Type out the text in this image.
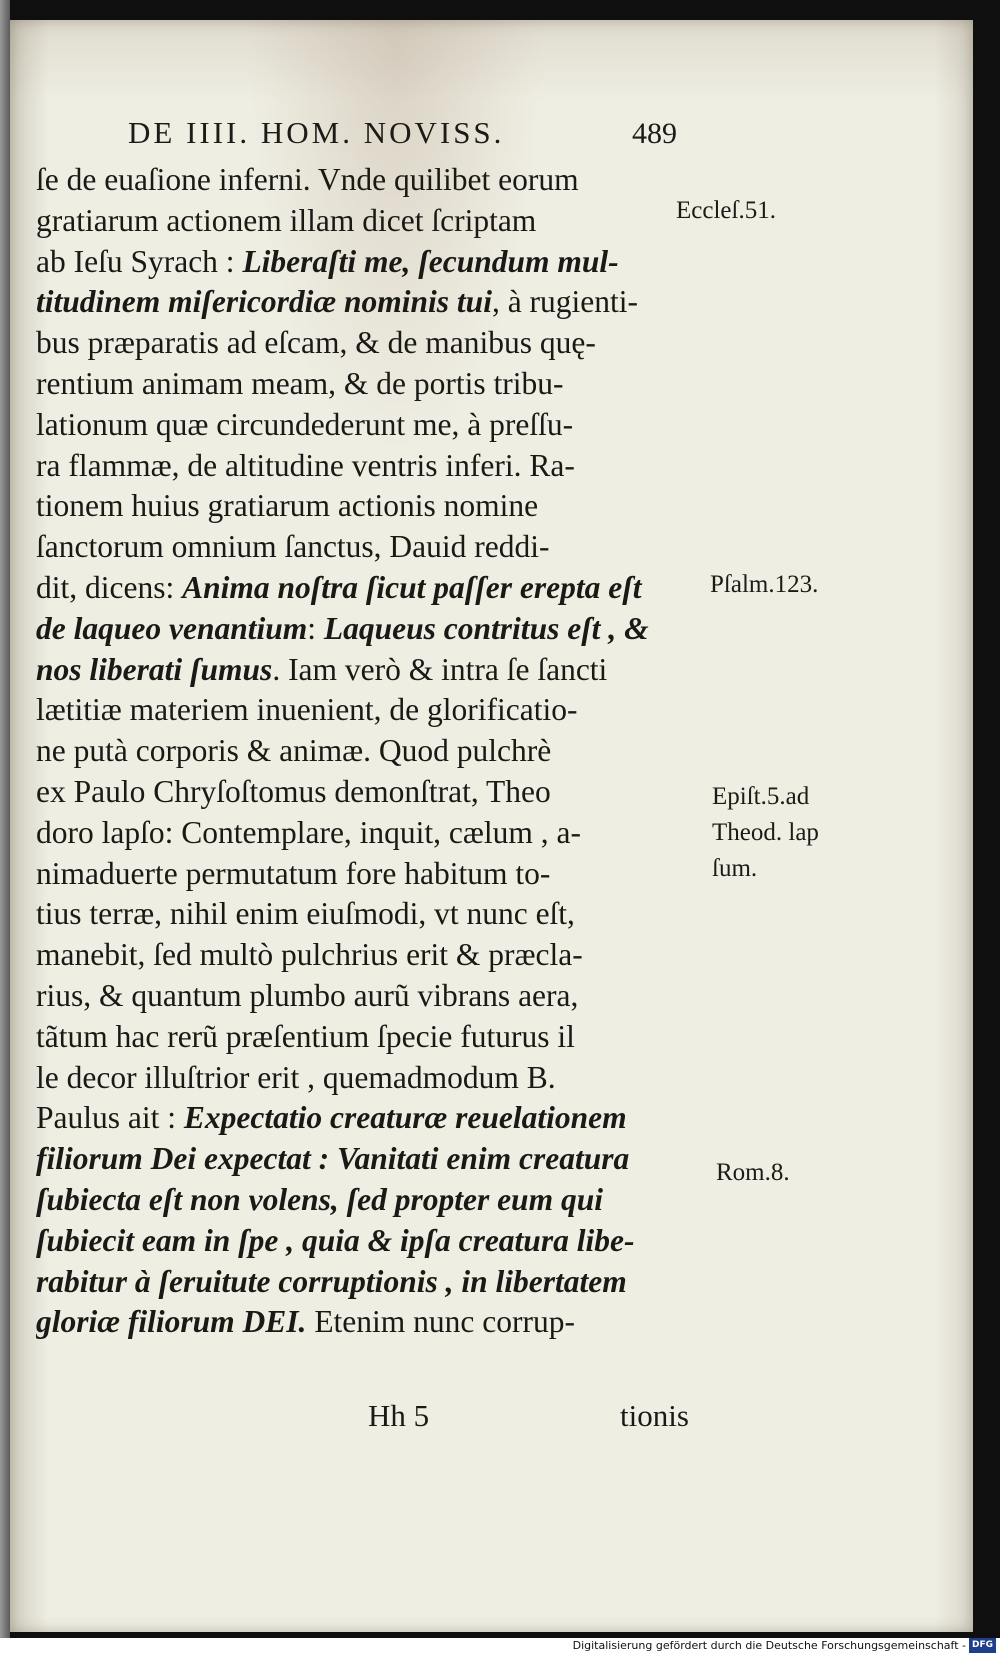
DE IIII. HOM. NOVISS.	489
ſe de euaſione inferni. Vnde quilibet eorum
gratiarum actionem illam dicet ſcriptam
ab Ieſu Syrach : Liberaſti me, ſecundum mul-
titudinem miſericordiæ nominis tui, à rugienti-
bus præparatis ad eſcam, & de manibus quę-
rentium animam meam, & de portis tribu-
lationum quæ circundederunt me, à preſſu-
ra flammæ, de altitudine ventris inferi. Ra-
tionem huius gratiarum actionis nomine
ſanctorum omnium ſanctus, Dauid reddi-
dit, dicens: Anima noſtra ſicut paſſer erepta eſt
de laqueo venantium: Laqueus contritus eſt , &
nos liberati ſumus. Iam verò & intra ſe ſancti
lætitiæ materiem inuenient, de glorificatio-
ne putà corporis & animæ. Quod pulchrè
ex Paulo Chryſoſtomus demonſtrat, Theo
doro lapſo: Contemplare, inquit, cælum , a-
nimaduerte permutatum fore habitum to-
tius terræ, nihil enim eiuſmodi, vt nunc eſt,
manebit, ſed multò pulchrius erit & præcla-
rius, & quantum plumbo aurũ vibrans aera,
tãtum hac rerũ præſentium ſpecie futurus il
le decor illuſtrior erit , quemadmodum B.
Paulus ait : Expectatio creaturæ reuelationem
filiorum Dei expectat : Vanitati enim creatura
ſubiecta eſt non volens, ſed propter eum qui
ſubiecit eam in ſpe , quia & ipſa creatura libe-
rabitur à ſeruitute corruptionis , in libertatem
gloriæ filiorum DEI. Etenim nunc corrup-
Eccleſ.51.
Pſalm.123.
Epiſt.5.ad
Theod. lap
ſum.
Rom.8.
Hh 5	tionis
Digitalisierung gefördert durch die Deutsche Forschungsgemeinschaft - DFG
